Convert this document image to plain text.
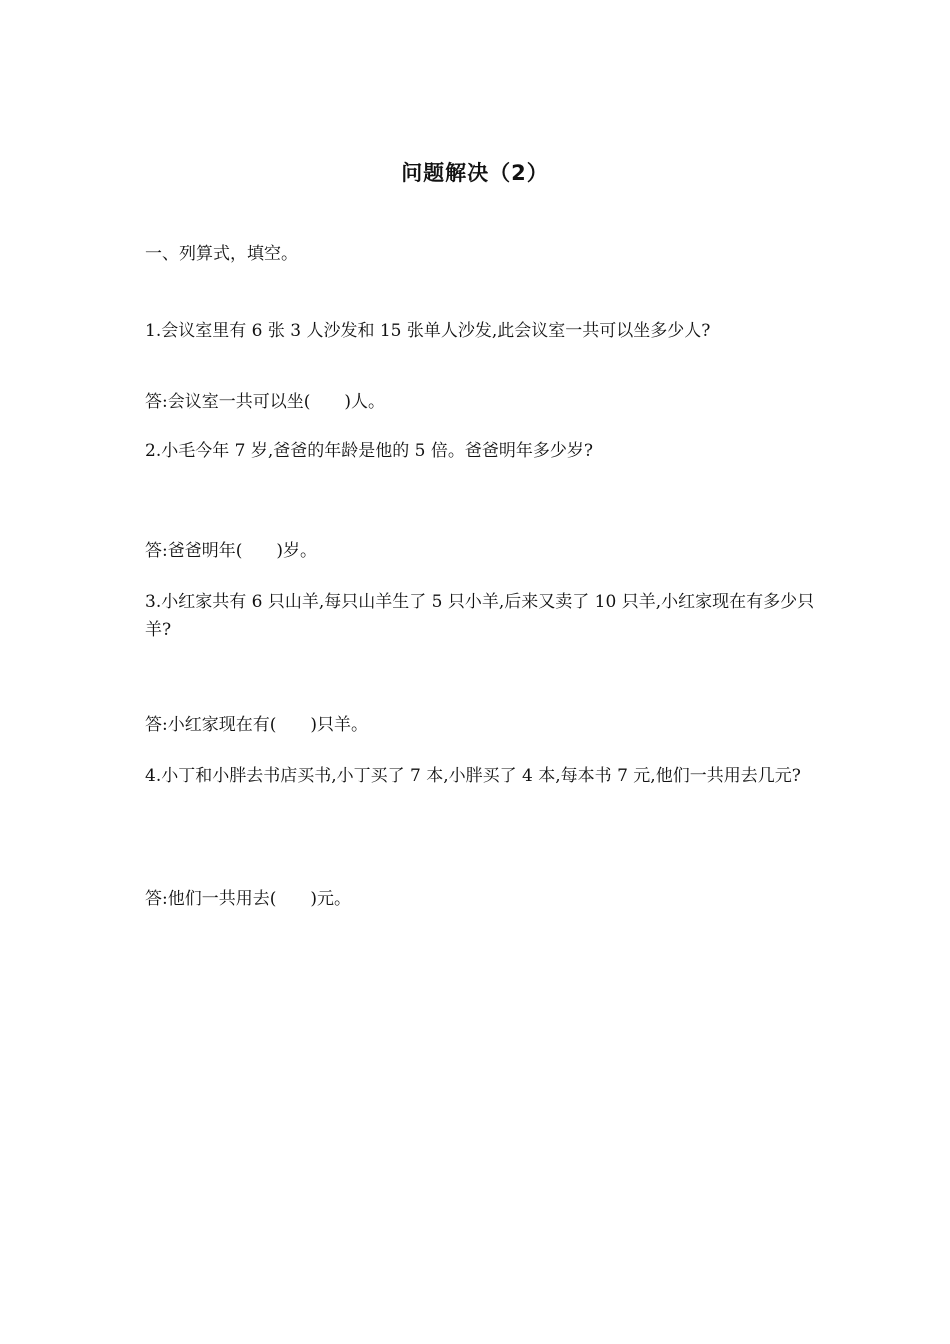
问题解决（2）
一、列算式，填空。
1.会议室里有 6 张 3 人沙发和 15 张单人沙发,此会议室一共可以坐多少人?
答:会议室一共可以坐(　　)人。
2.小毛今年 7 岁,爸爸的年龄是他的 5 倍。爸爸明年多少岁?
答:爸爸明年(　　)岁。
3.小红家共有 6 只山羊,每只山羊生了 5 只小羊,后来又卖了 10 只羊,小红家现在有多少只羊?
答:小红家现在有(　　)只羊。
4.小丁和小胖去书店买书,小丁买了 7 本,小胖买了 4 本,每本书 7 元,他们一共用去几元?
答:他们一共用去(　　)元。
